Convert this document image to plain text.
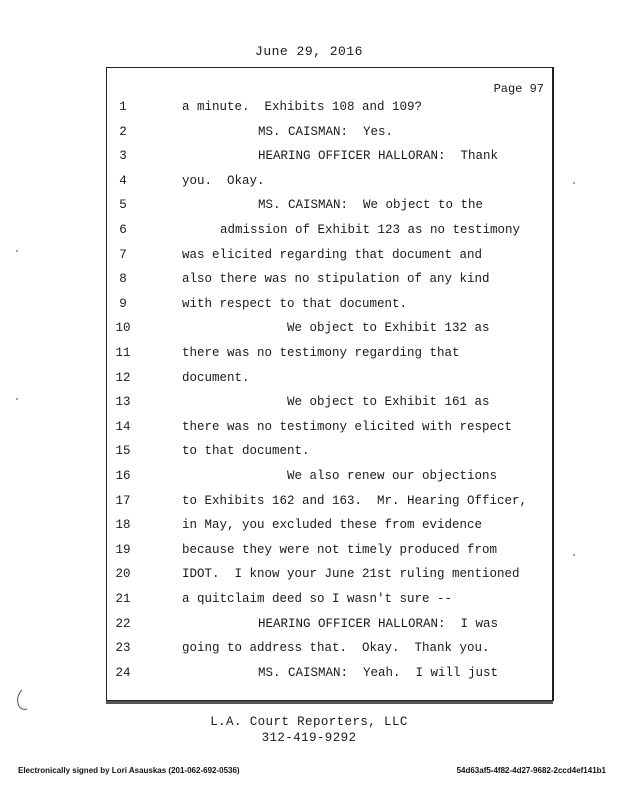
June 29, 2016
Page 97
1	a minute.  Exhibits 108 and 109?
2	MS. CAISMAN:  Yes.
3	HEARING OFFICER HALLORAN:  Thank
4	you.  Okay.
5	MS. CAISMAN:  We object to the
6	admission of Exhibit 123 as no testimony
7	was elicited regarding that document and
8	also there was no stipulation of any kind
9	with respect to that document.
10	We object to Exhibit 132 as
11	there was no testimony regarding that
12	document.
13	We object to Exhibit 161 as
14	there was no testimony elicited with respect
15	to that document.
16	We also renew our objections
17	to Exhibits 162 and 163.  Mr. Hearing Officer,
18	in May, you excluded these from evidence
19	because they were not timely produced from
20	IDOT.  I know your June 21st ruling mentioned
21	a quitclaim deed so I wasn't sure --
22	HEARING OFFICER HALLORAN:  I was
23	going to address that.  Okay.  Thank you.
24	MS. CAISMAN:  Yeah.  I will just
L.A. Court Reporters, LLC
312-419-9292
Electronically signed by Lori Asauskas (201-062-692-0536)	54d63af5-4f82-4d27-9682-2ccd4ef141b1
